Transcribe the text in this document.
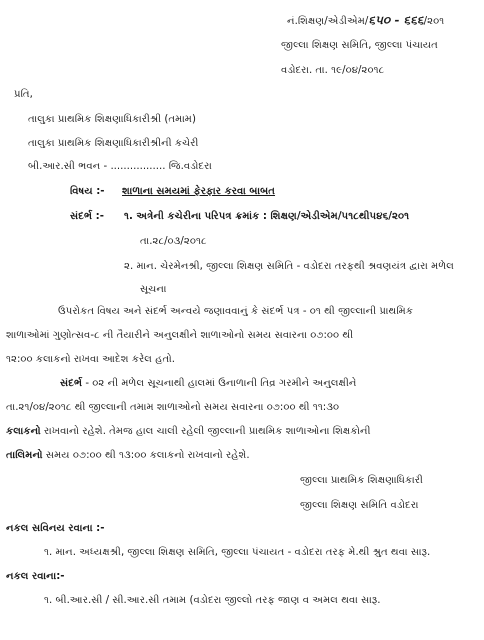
નં.શિક્ષણ/એડીએમ/૬૫૦ - ૬૬૬/૨૦૧
જીલ્લા શિક્ષણ સમિતિ, જીલ્લા પંચાયત
વડોદરા. તા. ૧૯/૦૪/૨૦૧૮
પ્રતિ,
તાલુકા પ્રાથમિક શિક્ષણાધિકારીશ્રી (તમામ)
તાલુકા પ્રાથમિક શિક્ષણાધિકારીશ્રીની કચેરી
બી.આર.સી ભવન - ................. જિ.વડોદરા
વિષય :- શાળાના સમયમાં ફેરફાર કરવા બાબત
સંદર્ભ :- ૧. અત્રેની કચેરીના પરિપત્ર ક્રમાંક : શિક્ષણ/એડીએમ/૫૧૮થી૫૪૬/૨૦૧
તા.૨૮/૦૩/૨૦૧૮
૨. માન. ચેરમેનશ્રી, જીલ્લા શિક્ષણ સમિતિ - વડોદરા તરફથી શ્રવણયંત્ર દ્વારા મળેલ
સૂચના
ઉપરોકત વિષય અને સંદર્ભ અન્વયે જણાવવાનું કે સંદર્ભ પત્ર - ૦૧ થી જીલ્લાની પ્રાથમિક
શાળાઓમાં ગુણોત્સવ-૮ ની તૈયારીને અનુલક્ષીને શાળાઓનો સમય સવારના ૦૭:૦૦ થી
૧૨:૦૦ કલાકનો રાખવા આદેશ કરેલ હતો.
સંદર્ભ - ૦૨ ની મળેલ સૂચનાથી હાલમાં ઉનાળાની તિવ્ર ગરમીને અનુલક્ષીને
તા.૨૧/૦૪/૨૦૧૮ થી જીલ્લાની તમામ શાળાઓનો સમય સવારના ૦૭:૦૦ થી ૧૧:૩૦
કલાકનો રાખવાનો રહેશે. તેમજ હાલ ચાલી રહેલી જીલ્લાની પ્રાથમિક શાળાઓના શિક્ષકોની
તાલિમનો સમય ૦૭:૦૦ થી ૧૩:૦૦ કલાકનો રાખવાનો રહેશે.
જીલ્લા પ્રાથમિક શિક્ષણાધિકારી
જીલ્લા શિક્ષણ સમિતિ વડોદરા
નકલ સવિનય રવાના :-
૧. માન. અધ્યક્ષશ્રી, જીલ્લા શિક્ષણ સમિતિ, જીલ્લા પંચાયત - વડોદરા તરફ મે.થી શ્રુત થવા સારૂ.
નકલ રવાના:-
૧. બી.આર.સી / સી.આર.સી તમામ (વડોદરા જીલ્લો તરફ જાણ વ અમલ થવા સારૂ.
